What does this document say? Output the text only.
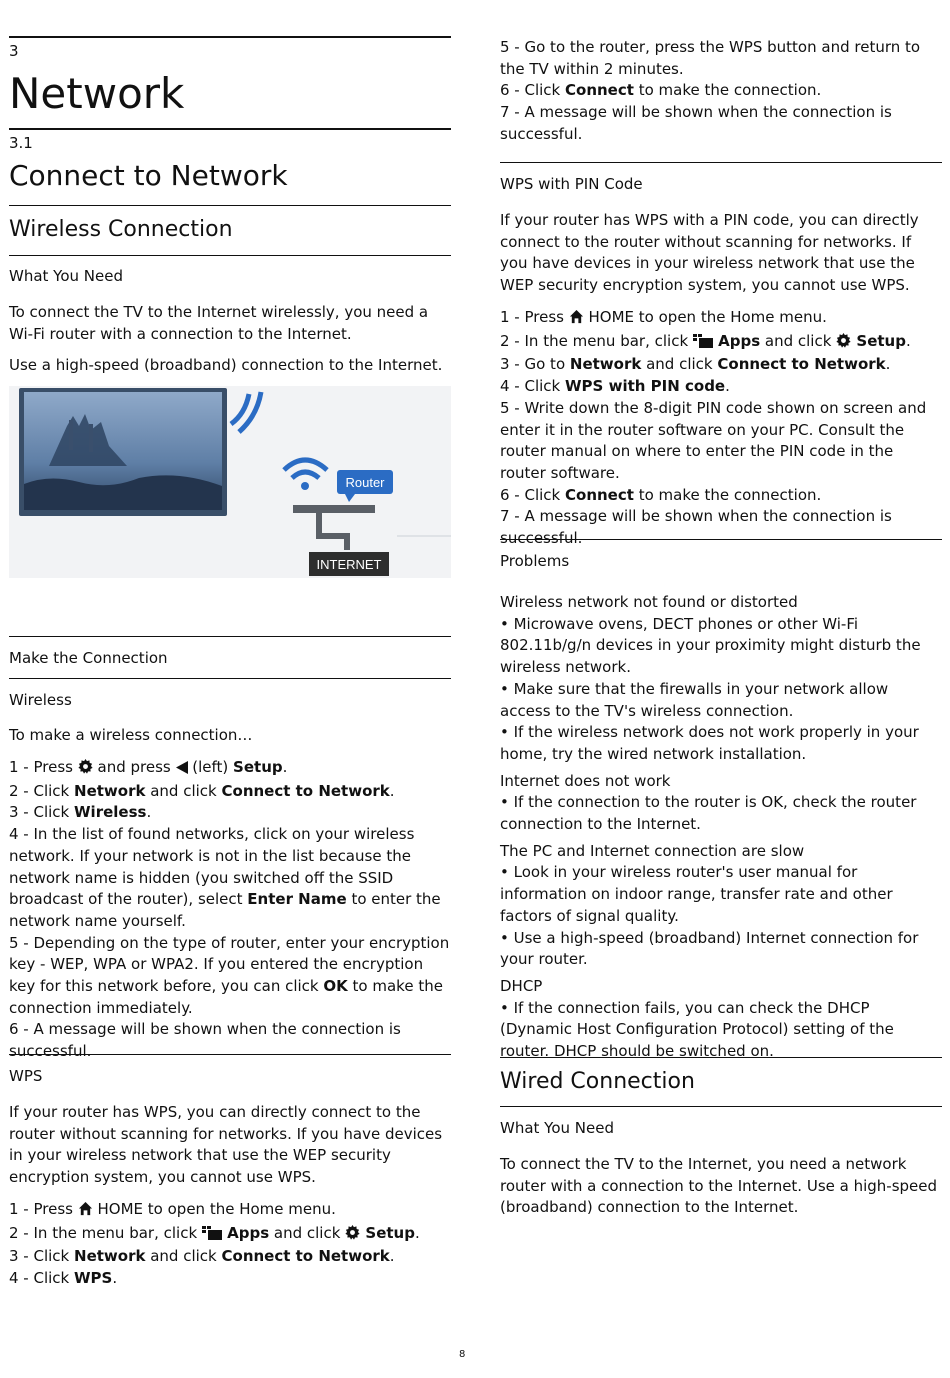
3
Network
3.1
Connect to Network
Wireless Connection
What You Need

To connect the TV to the Internet wirelessly, you need a Wi-Fi router with a connection to the Internet.

Use a high-speed (broadband) connection to the Internet.

Router
INTERNET
Make the Connection
Wireless

To make a wireless connection…

1 - Press  and press  (left) Setup.

2 - Click Network and click Connect to Network.

3 - Click Wireless.

4 - In the list of found networks, click on your wireless network. If your network is not in the list because the network name is hidden (you switched off the SSID broadcast of the router), select Enter Name to enter the network name yourself.

5 - Depending on the type of router, enter your encryption key - WEP, WPA or WPA2. If you entered the encryption key for this network before, you can click OK to make the connection immediately.

6 - A message will be shown when the connection is successful.

WPS

If your router has WPS, you can directly connect to the router without scanning for networks. If you have devices in your wireless network that use the WEP security encryption system, you cannot use WPS.

1 - Press  HOME to open the Home menu.

2 - In the menu bar, click  Apps and click  Setup.

3 - Click Network and click Connect to Network.

4 - Click WPS.

5 - Go to the router, press the WPS button and return to the TV within 2 minutes.

6 - Click Connect to make the connection.

7 - A message will be shown when the connection is successful.

WPS with PIN Code

If your router has WPS with a PIN code, you can directly connect to the router without scanning for networks. If you have devices in your wireless network that use the WEP security encryption system, you cannot use WPS.

1 - Press  HOME to open the Home menu.

2 - In the menu bar, click  Apps and click  Setup.

3 - Go to Network and click Connect to Network.

4 - Click WPS with PIN code.

5 - Write down the 8-digit PIN code shown on screen and enter it in the router software on your PC. Consult the router manual on where to enter the PIN code in the router software.

6 - Click Connect to make the connection.

7 - A message will be shown when the connection is successful.

Problems

Wireless network not found or distorted

• Microwave ovens, DECT phones or other Wi-Fi 802.11b/g/n devices in your proximity might disturb the wireless network.

• Make sure that the firewalls in your network allow access to the TV's wireless connection.

• If the wireless network does not work properly in your home, try the wired network installation.

Internet does not work

• If the connection to the router is OK, check the router connection to the Internet.

The PC and Internet connection are slow

• Look in your wireless router's user manual for information on indoor range, transfer rate and other factors of signal quality.

• Use a high-speed (broadband) Internet connection for your router.

DHCP

• If the connection fails, you can check the DHCP (Dynamic Host Configuration Protocol) setting of the router. DHCP should be switched on.

Wired Connection
What You Need

To connect the TV to the Internet, you need a network router with a connection to the Internet. Use a high-speed (broadband) connection to the Internet.

8
